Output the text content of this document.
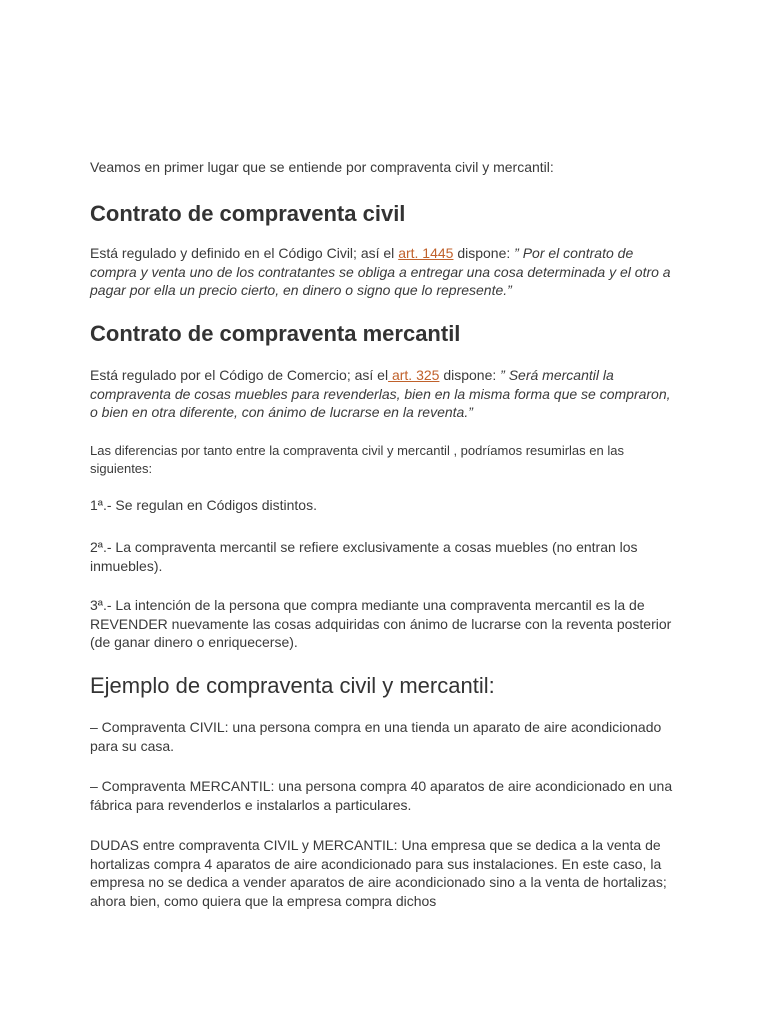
Veamos en primer lugar que se entiende por compraventa civil y mercantil:

Contrato de compraventa civil

Está regulado y definido en el Código Civil; así el art. 1445 dispone: ” Por el contrato de compra y venta uno de los contratantes se obliga a entregar una cosa determinada y el otro a pagar por ella un precio cierto, en dinero o signo que lo represente.”

Contrato de compraventa mercantil

Está regulado por el Código de Comercio; así el art. 325 dispone: ” Será mercantil la compraventa de cosas muebles para revenderlas, bien en la misma forma que se compraron, o bien en otra diferente, con ánimo de lucrarse en la reventa.”

Las diferencias por tanto entre la compraventa civil y mercantil , podríamos resumirlas en las siguientes:

1ª.- Se regulan en Códigos distintos.

2ª.- La compraventa mercantil se refiere exclusivamente a cosas muebles (no entran los inmuebles).

3ª.- La intención de la persona que compra mediante una compraventa mercantil es la de REVENDER nuevamente las cosas adquiridas con ánimo de lucrarse con la reventa posterior (de ganar dinero o enriquecerse).

Ejemplo de compraventa civil y mercantil:

– Compraventa CIVIL: una persona compra en una tienda un aparato de aire acondicionado para su casa.

– Compraventa MERCANTIL: una persona compra 40 aparatos de aire acondicionado en una fábrica para revenderlos e instalarlos a particulares.

DUDAS entre compraventa CIVIL y MERCANTIL: Una empresa que se dedica a la venta de hortalizas compra 4 aparatos de aire acondicionado para sus instalaciones. En este caso, la empresa no se dedica a vender aparatos de aire acondicionado sino a la venta de hortalizas; ahora bien, como quiera que la empresa compra dichos
